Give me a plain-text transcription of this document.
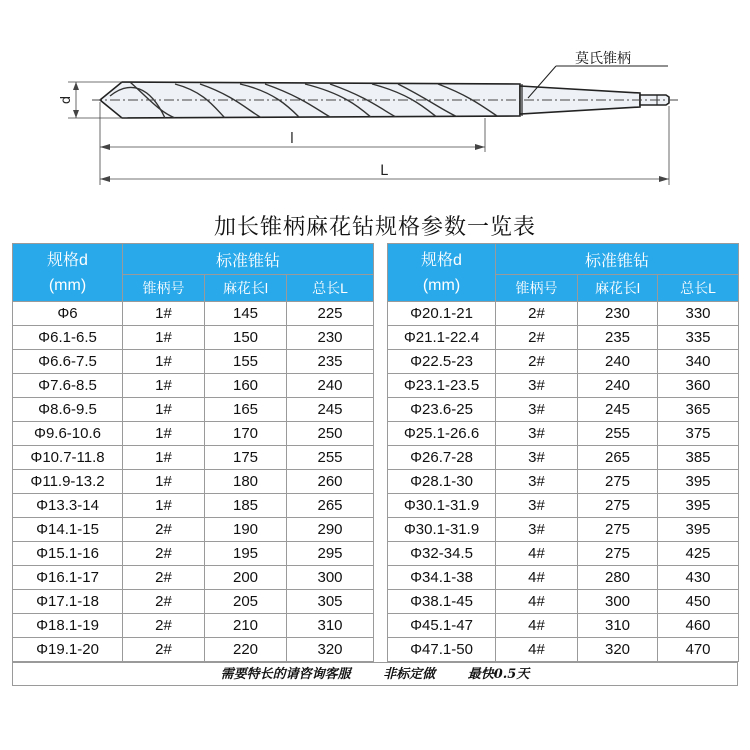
莫氏锥柄
d
l
L
加长锥柄麻花钻规格参数一览表
规格d
(mm)	标准锥钻		
	锥柄号	麻花长l	总长L
Φ6	1#	145	225
Φ6.1-6.5	1#	150	230
Φ6.6-7.5	1#	155	235
Φ7.6-8.5	1#	160	240
Φ8.6-9.5	1#	165	245
Φ9.6-10.6	1#	170	250
Φ10.7-11.8	1#	175	255
Φ11.9-13.2	1#	180	260
Φ13.3-14	1#	185	265
Φ14.1-15	2#	190	290
Φ15.1-16	2#	195	295
Φ16.1-17	2#	200	300
Φ17.1-18	2#	205	305
Φ18.1-19	2#	210	310
Φ19.1-20	2#	220	320
规格d
(mm)	标准锥钻		
	锥柄号	麻花长l	总长L
Φ20.1-21	2#	230	330
Φ21.1-22.4	2#	235	335
Φ22.5-23	2#	240	340
Φ23.1-23.5	3#	240	360
Φ23.6-25	3#	245	365
Φ25.1-26.6	3#	255	375
Φ26.7-28	3#	265	385
Φ28.1-30	3#	275	395
Φ30.1-31.9	3#	275	395
Φ30.1-31.9	3#	275	395
Φ32-34.5	4#	275	425
Φ34.1-38	4#	280	430
Φ38.1-45	4#	300	450
Φ45.1-47	4#	310	460
Φ47.1-50	4#	320	470
需要特长的请咨询客服	非标定做	最快0.5天
